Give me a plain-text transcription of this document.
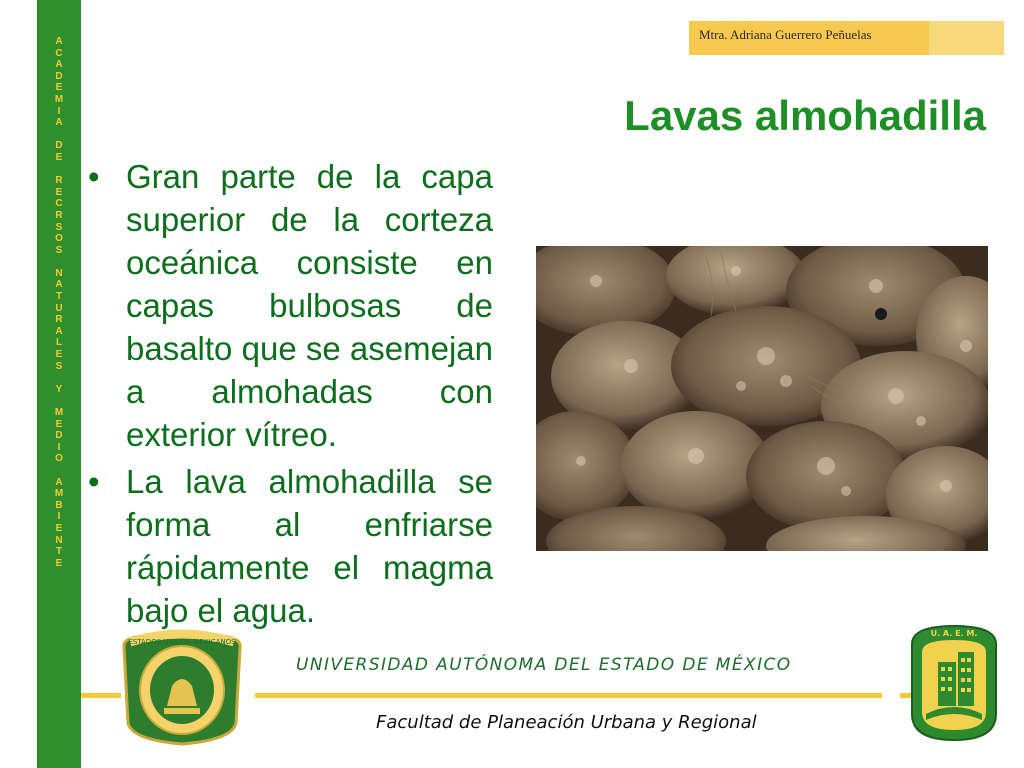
A
C
A
D
E
M
I
A
D
E
R
E
C
R
S
O
S
N
A
T
U
R
A
L
E
S
Y
M
E
D
I
O
A
M
B
I
E
N
T
E
Mtra. Adriana Guerrero Peñuelas
Lavas almohadilla
• Gran parte de la capa superior de la corteza oceánica consiste en capas bulbosas de basalto que se asemejan a almohadas con exterior vítreo.
• La lava almohadilla se forma al enfriarse rápidamente el magma bajo el agua.
ESTADOS UNIDOS MEXICANOS
UNIVERSIDAD AUTÓNOMA DEL ESTADO DE MÉXICO
Facultad de Planeación Urbana y Regional
U. A. E. M.
